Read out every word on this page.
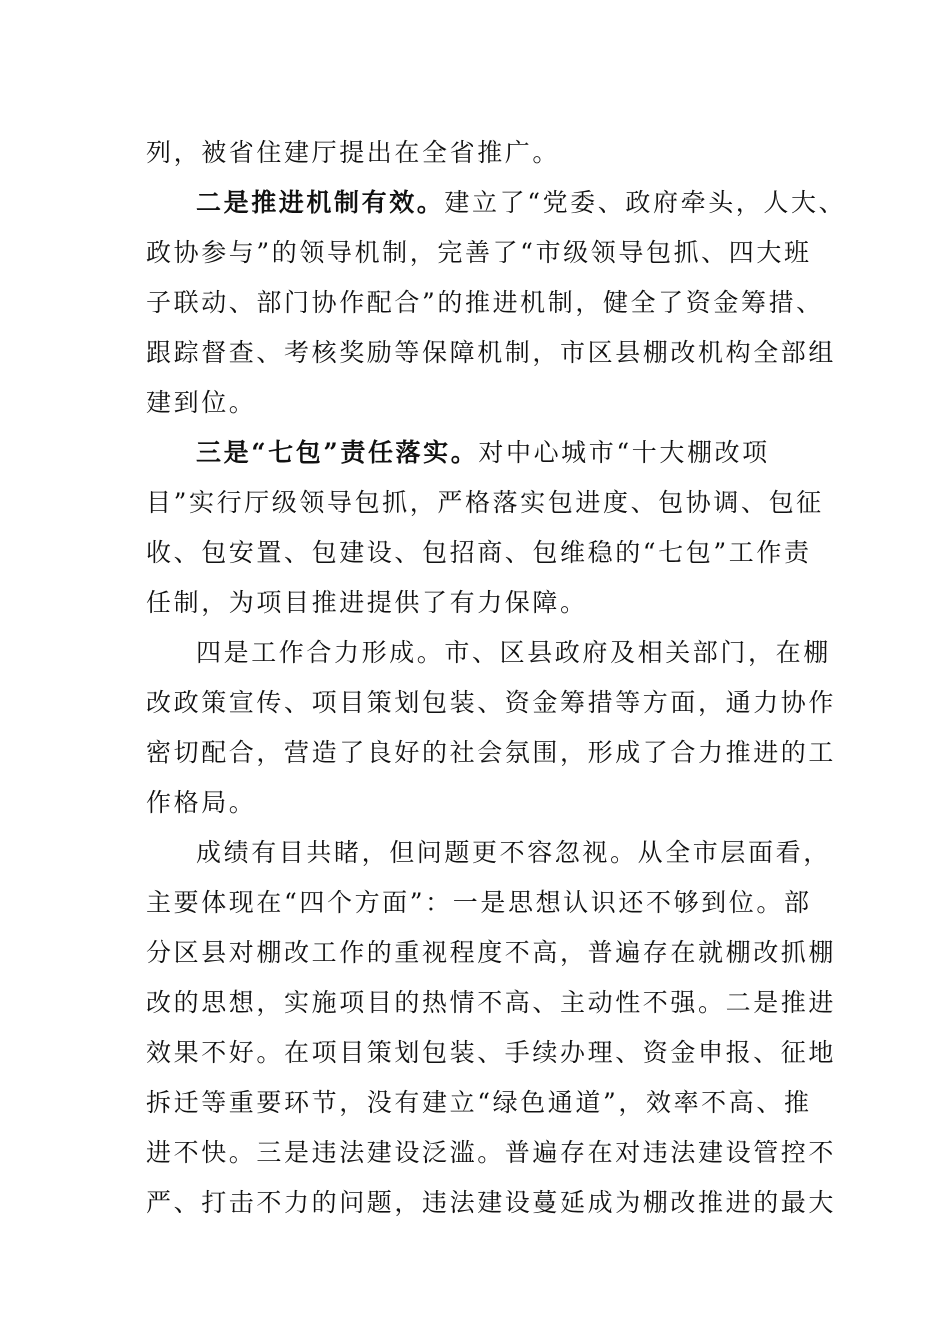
列，被省住建厅提出在全省推广。
二是推进机制有效。建立了“党委、政府牵头，人大、
政协参与”的领导机制，完善了“市级领导包抓、四大班
子联动、部门协作配合”的推进机制，健全了资金筹措、
跟踪督查、考核奖励等保障机制，市区县棚改机构全部组
建到位。
三是“七包”责任落实。对中心城市“十大棚改项
目”实行厅级领导包抓，严格落实包进度、包协调、包征
收、包安置、包建设、包招商、包维稳的“七包”工作责
任制，为项目推进提供了有力保障。
四是工作合力形成。市、区县政府及相关部门，在棚
改政策宣传、项目策划包装、资金筹措等方面，通力协作
密切配合，营造了良好的社会氛围，形成了合力推进的工
作格局。
成绩有目共睹，但问题更不容忽视。从全市层面看，
主要体现在“四个方面”：一是思想认识还不够到位。部
分区县对棚改工作的重视程度不高，普遍存在就棚改抓棚
改的思想，实施项目的热情不高、主动性不强。二是推进
效果不好。在项目策划包装、手续办理、资金申报、征地
拆迁等重要环节，没有建立“绿色通道”，效率不高、推
进不快。三是违法建设泛滥。普遍存在对违法建设管控不
严、打击不力的问题，违法建设蔓延成为棚改推进的最大
